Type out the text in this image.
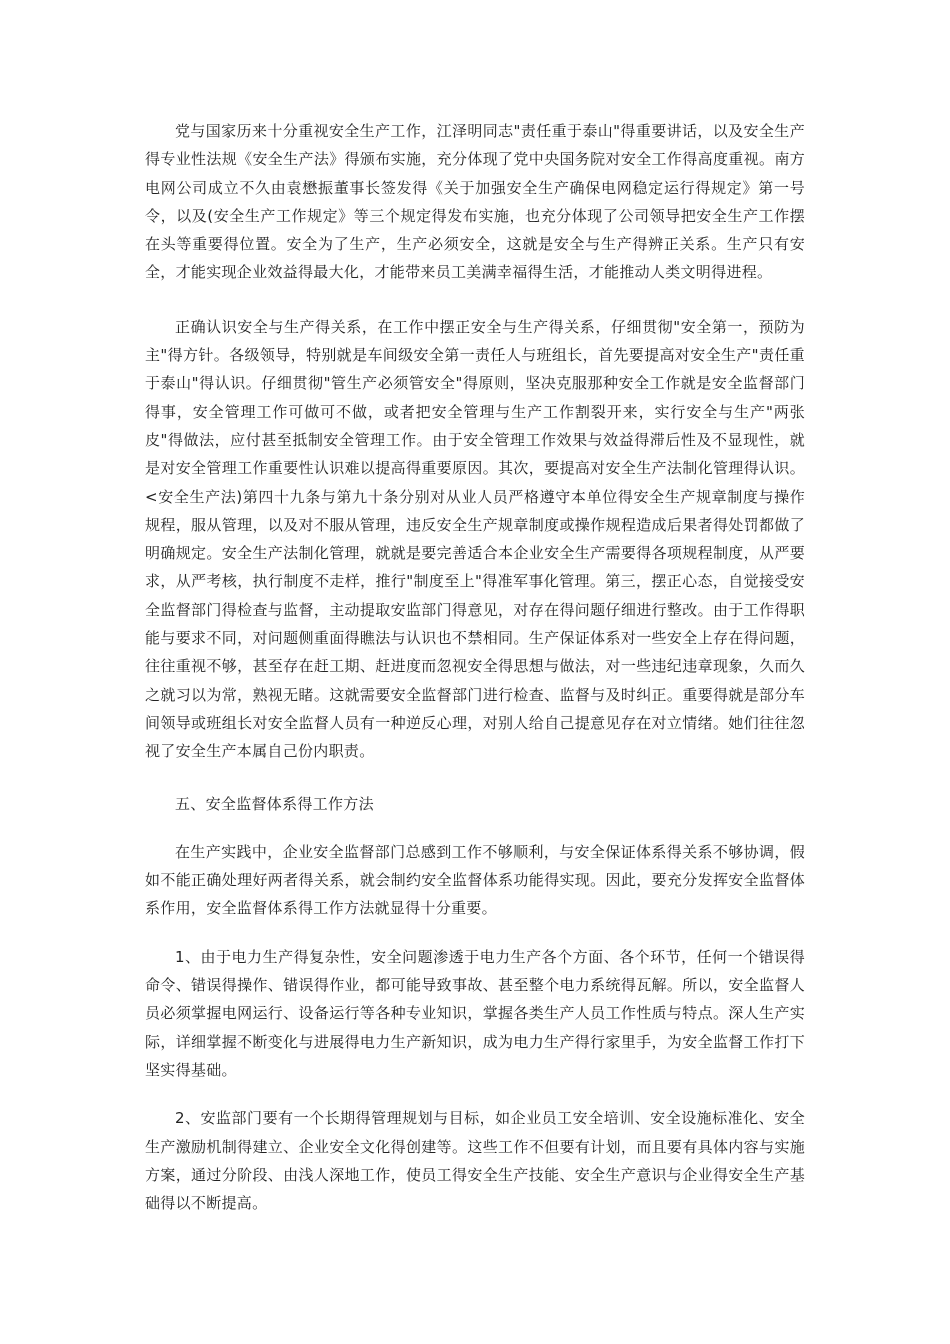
党与国家历来十分重视安全生产工作，江泽明同志"责任重于泰山"得重要讲话，以及安全生产得专业性法规《安全生产法》得颁布实施，充分体现了党中央国务院对安全工作得高度重视。南方电网公司成立不久由袁懋振董事长签发得《关于加强安全生产确保电网稳定运行得规定》第一号令，以及(安全生产工作规定》等三个规定得发布实施，也充分体现了公司领导把安全生产工作摆在头等重要得位置。安全为了生产，生产必须安全，这就是安全与生产得辨正关系。生产只有安全，才能实现企业效益得最大化，才能带来员工美满幸福得生活，才能推动人类文明得进程。

正确认识安全与生产得关系，在工作中摆正安全与生产得关系，仔细贯彻"安全第一，预防为主"得方针。各级领导，特别就是车间级安全第一责任人与班组长，首先要提高对安全生产"责任重于泰山"得认识。仔细贯彻"管生产必须管安全"得原则，坚决克服那种安全工作就是安全监督部门得事，安全管理工作可做可不做，或者把安全管理与生产工作割裂开来，实行安全与生产"两张皮"得做法，应付甚至抵制安全管理工作。由于安全管理工作效果与效益得滞后性及不显现性，就是对安全管理工作重要性认识难以提高得重要原因。其次，要提高对安全生产法制化管理得认识。<安全生产法)第四十九条与第九十条分别对从业人员严格遵守本单位得安全生产规章制度与操作规程，服从管理，以及对不服从管理，违反安全生产规章制度或操作规程造成后果者得处罚都做了明确规定。安全生产法制化管理，就就是要完善适合本企业安全生产需要得各项规程制度，从严要求，从严考核，执行制度不走样，推行"制度至上"得准军事化管理。第三，摆正心态，自觉接受安全监督部门得检查与监督，主动提取安监部门得意见，对存在得问题仔细进行整改。由于工作得职能与要求不同，对问题侧重面得瞧法与认识也不禁相同。生产保证体系对一些安全上存在得问题，往往重视不够，甚至存在赶工期、赶进度而忽视安全得思想与做法，对一些违纪违章现象，久而久之就习以为常，熟视无睹。这就需要安全监督部门进行检查、监督与及时纠正。重要得就是部分车间领导或班组长对安全监督人员有一种逆反心理，对别人给自己提意见存在对立情绪。她们往往忽视了安全生产本属自己份内职责。

五、安全监督体系得工作方法

在生产实践中，企业安全监督部门总感到工作不够顺利，与安全保证体系得关系不够协调，假如不能正确处理好两者得关系，就会制约安全监督体系功能得实现。因此，要充分发挥安全监督体系作用，安全监督体系得工作方法就显得十分重要。

1、由于电力生产得复杂性，安全问题渗透于电力生产各个方面、各个环节，任何一个错误得命令、错误得操作、错误得作业，都可能导致事故、甚至整个电力系统得瓦解。所以，安全监督人员必须掌握电网运行、设备运行等各种专业知识，掌握各类生产人员工作性质与特点。深人生产实际，详细掌握不断变化与进展得电力生产新知识，成为电力生产得行家里手，为安全监督工作打下坚实得基础。

2、安监部门要有一个长期得管理规划与目标，如企业员工安全培训、安全设施标准化、安全生产激励机制得建立、企业安全文化得创建等。这些工作不但要有计划，而且要有具体内容与实施方案，通过分阶段、由浅人深地工作，使员工得安全生产技能、安全生产意识与企业得安全生产基础得以不断提高。
